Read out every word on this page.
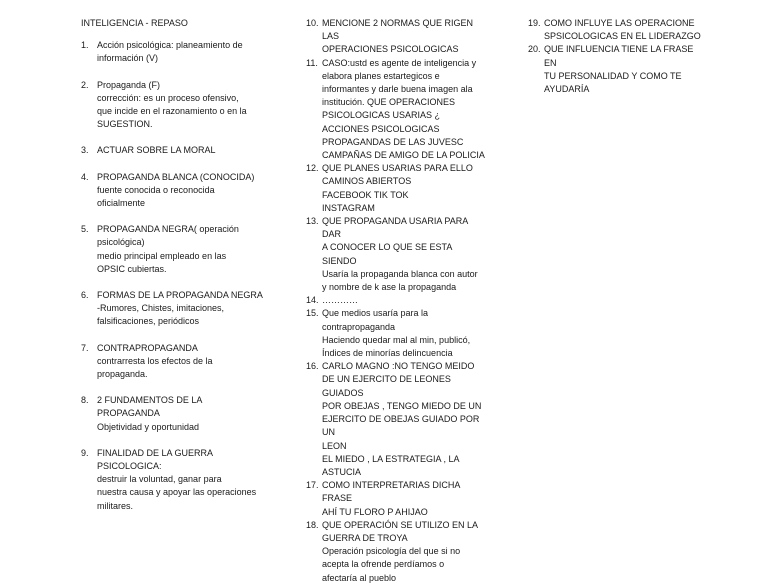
INTELIGENCIA - REPASO
1. Acción psicológica: planeamiento de
información (V)
2. Propaganda (F)
corrección: es un proceso ofensivo,
que incide en el razonamiento o en la
SUGESTION.
3. ACTUAR SOBRE LA MORAL
4. PROPAGANDA BLANCA (CONOCIDA)
fuente conocida o reconocida
oficialmente
5. PROPAGANDA NEGRA( operación
psicológica)
medio principal empleado en las
OPSIC cubiertas.
6. FORMAS DE LA PROPAGANDA NEGRA
-Rumores, Chistes, imitaciones,
falsificaciones, periódicos
7. CONTRAPROPAGANDA
contrarresta los efectos de la
propaganda.
8. 2 FUNDAMENTOS DE LA
PROPAGANDA
Objetividad y oportunidad
9. FINALIDAD DE LA GUERRA
PSICOLOGICA:
destruir la voluntad, ganar para
nuestra causa y apoyar las operaciones
militares.
10. MENCIONE 2 NORMAS QUE RIGEN LAS
OPERACIONES PSICOLOGICAS
11. CASO:ustd es agente de inteligencia y
elabora planes estartegicos e
informantes y darle buena imagen ala
institución. QUE OPERACIONES
PSICOLOGICAS USARIAS ¿
ACCIONES PSICOLOGICAS
PROPAGANDAS DE LAS JUVESC
CAMPAÑAS DE AMIGO DE LA POLICIA
12. QUE PLANES USARIAS PARA ELLO
CAMINOS ABIERTOS
FACEBOOK TIK TOK
INSTAGRAM
13. QUE PROPAGANDA USARIA PARA DAR
A CONOCER LO QUE SE ESTA SIENDO
Usaría la propaganda blanca con autor
y nombre de k ase la propaganda
14. …………
15. Que medios usaría para la
contrapropaganda
Haciendo quedar mal al min, publicó,
Índices de minorías delincuencia
16. CARLO MAGNO :NO TENGO MEIDO
DE UN EJERCITO DE LEONES GUIADOS
POR OBEJAS , TENGO MIEDO DE UN
EJERCITO DE OBEJAS GUIADO POR UN
LEON
EL MIEDO , LA ESTRATEGIA , LA
ASTUCIA
17. COMO INTERPRETARIAS DICHA FRASE
AHÍ TU FLORO P AHIJAO
18. QUE OPERACIÓN SE UTILIZO EN LA
GUERRA DE TROYA
Operación psicología del que si no
acepta la ofrende perdíamos o
afectaría al pueblo
19. COMO INFLUYE LAS OPERACIONE
SPSICOLOGICAS EN EL LIDERAZGO
20. QUE INFLUENCIA TIENE LA FRASE EN
TU PERSONALIDAD Y COMO TE
AYUDARÍA
